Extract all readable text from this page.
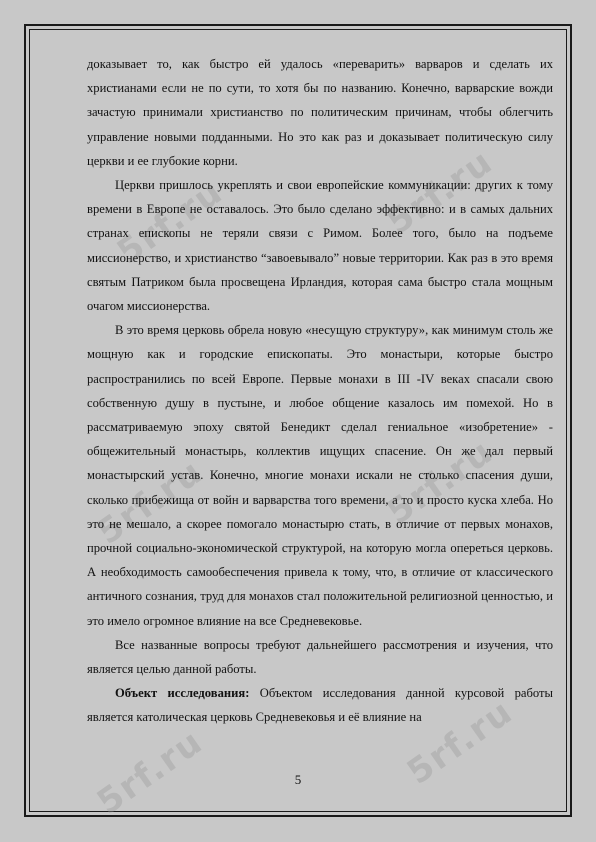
5rf.ru	5rf.ru
5rf.ru	5rf.ru
5rf.ru	5rf.ru

доказывает то, как быстро ей удалось «переварить» варваров и сделать их христианами если не по сути, то хотя бы по названию. Конечно, варварские вожди зачастую принимали христианство по политическим причинам, чтобы облегчить управление новыми подданными. Но это как раз и доказывает политическую силу церкви и ее глубокие корни.

Церкви пришлось укреплять и свои европейские коммуникации: других к тому времени в Европе не оставалось. Это было сделано эффективно: и в самых дальних странах епископы не теряли связи с Римом. Более того, было на подъеме миссионерство, и христианство “завоевывало” новые территории. Как раз в это время святым Патриком была просвещена Ирландия, которая сама быстро стала мощным очагом миссионерства.

В это время церковь обрела новую «несущую структуру», как минимум столь же мощную как и городские епископаты. Это монастыри, которые быстро распространились по всей Европе. Первые монахи в III -IV веках спасали свою собственную душу в пустыне, и любое общение казалось им помехой. Но в рассматриваемую эпоху святой Бенедикт сделал гениальное «изобретение» - общежительный монастырь, коллектив ищущих спасение. Он же дал первый монастырский устав. Конечно, многие монахи искали не столько спасения души, сколько прибежища от войн и варварства того времени, а то и просто куска хлеба. Но это не мешало, а скорее помогало монастырю стать, в отличие от первых монахов, прочной социально-экономической структурой, на которую могла опереться церковь. А необходимость самообеспечения привела к тому, что, в отличие от классического античного сознания, труд для монахов стал положительной религиозной ценностью, и это имело огромное влияние на все Средневековье.

Все названные вопросы требуют дальнейшего рассмотрения и изучения, что является целью данной работы.

Объект исследования: Объектом исследования данной курсовой работы является католическая церковь Средневековья и её влияние на

5
